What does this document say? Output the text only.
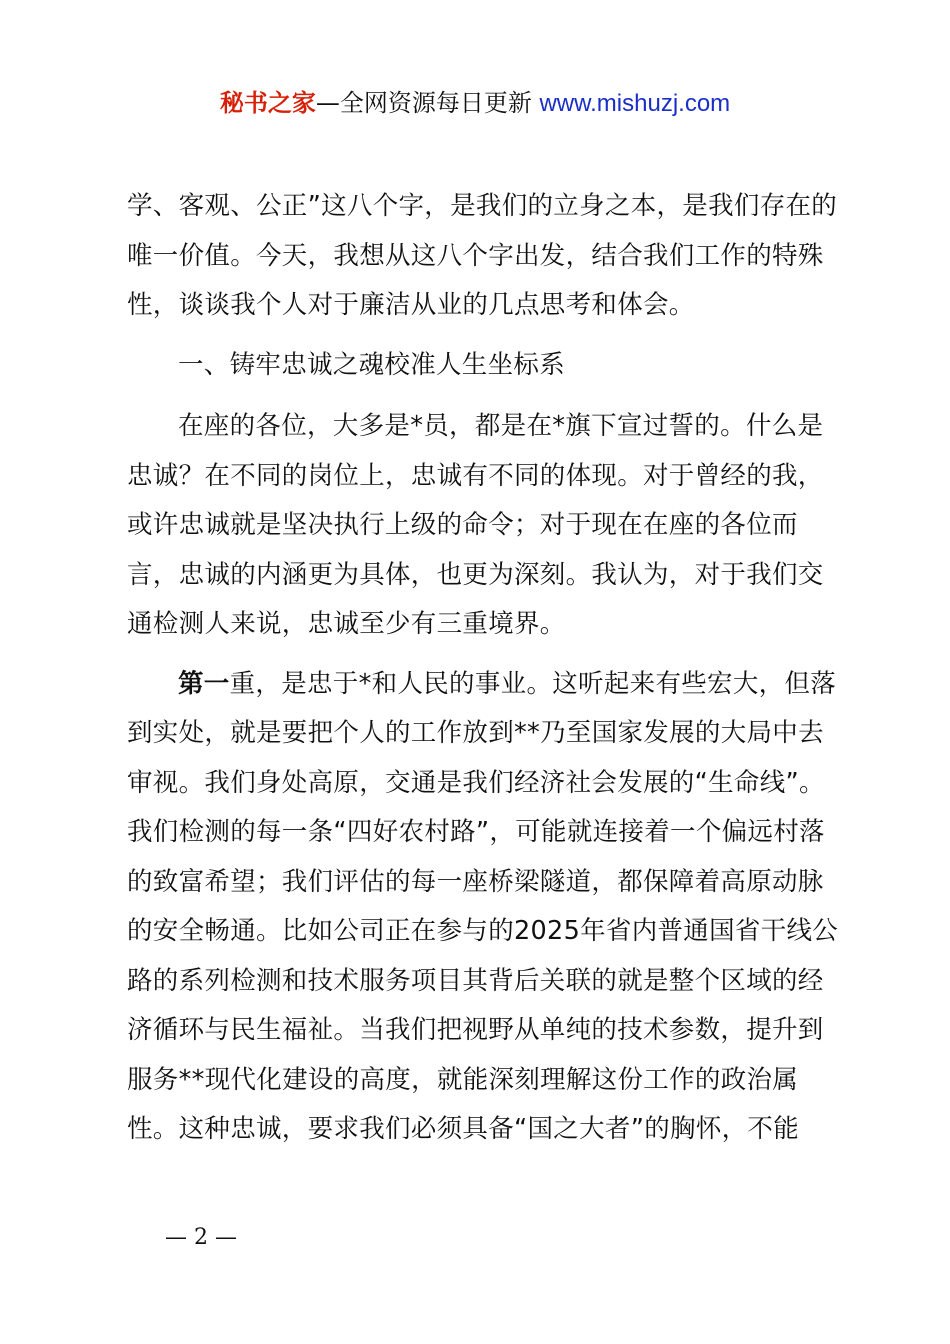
秘书之家—全网资源每日更新 www.mishuzj.com

学、客观、公正”这八个字，是我们的立身之本，是我们存在的唯一价值。今天，我想从这八个字出发，结合我们工作的特殊性，谈谈我个人对于廉洁从业的几点思考和体会。

一、铸牢忠诚之魂校准人生坐标系

在座的各位，大多是*员，都是在*旗下宣过誓的。什么是忠诚？在不同的岗位上，忠诚有不同的体现。对于曾经的我，或许忠诚就是坚决执行上级的命令；对于现在在座的各位而言，忠诚的内涵更为具体，也更为深刻。我认为，对于我们交通检测人来说，忠诚至少有三重境界。

第一重，是忠于*和人民的事业。这听起来有些宏大，但落到实处，就是要把个人的工作放到**乃至国家发展的大局中去审视。我们身处高原，交通是我们经济社会发展的“生命线”。我们检测的每一条“四好农村路”，可能就连接着一个偏远村落的致富希望；我们评估的每一座桥梁隧道，都保障着高原动脉的安全畅通。比如公司正在参与的2025年省内普通国省干线公路的系列检测和技术服务项目其背后关联的就是整个区域的经济循环与民生福祉。当我们把视野从单纯的技术参数，提升到服务**现代化建设的高度，就能深刻理解这份工作的政治属性。这种忠诚，要求我们必须具备“国之大者”的胸怀，不能

— 2 —
